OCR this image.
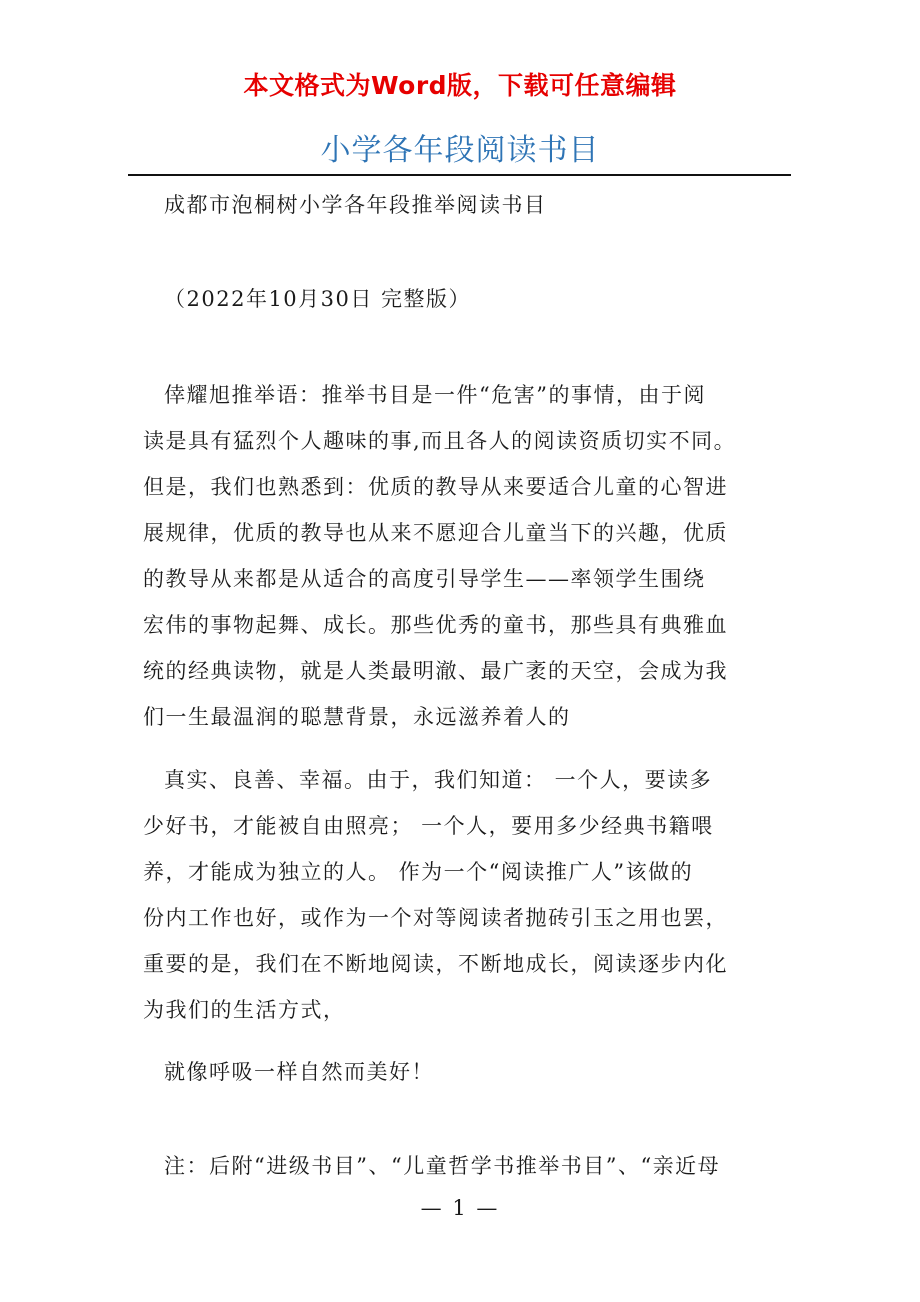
本文格式为Word版，下载可任意编辑
小学各年段阅读书目
成都市泡桐树小学各年段推举阅读书目
（2022年10月30日 完整版）
倖耀旭推举语：推举书目是一件“危害”的事情，由于阅
读是具有猛烈个人趣味的事,而且各人的阅读资质切实不同。
但是，我们也熟悉到：优质的教导从来要适合儿童的心智进
展规律，优质的教导也从来不愿迎合儿童当下的兴趣，优质
的教导从来都是从适合的高度引导学生——率领学生围绕
宏伟的事物起舞、成长。那些优秀的童书，那些具有典雅血
统的经典读物，就是人类最明澈、最广袤的天空，会成为我
们一生最温润的聪慧背景，永远滋养着人的
真实、良善、幸福。由于，我们知道： 一个人，要读多
少好书，才能被自由照亮； 一个人，要用多少经典书籍喂
养，才能成为独立的人。 作为一个“阅读推广人”该做的
份内工作也好，或作为一个对等阅读者抛砖引玉之用也罢，
重要的是，我们在不断地阅读，不断地成长，阅读逐步内化
为我们的生活方式，
就像呼吸一样自然而美好！
注：后附“进级书目”、“儿童哲学书推举书目”、“亲近母
— 1 —
